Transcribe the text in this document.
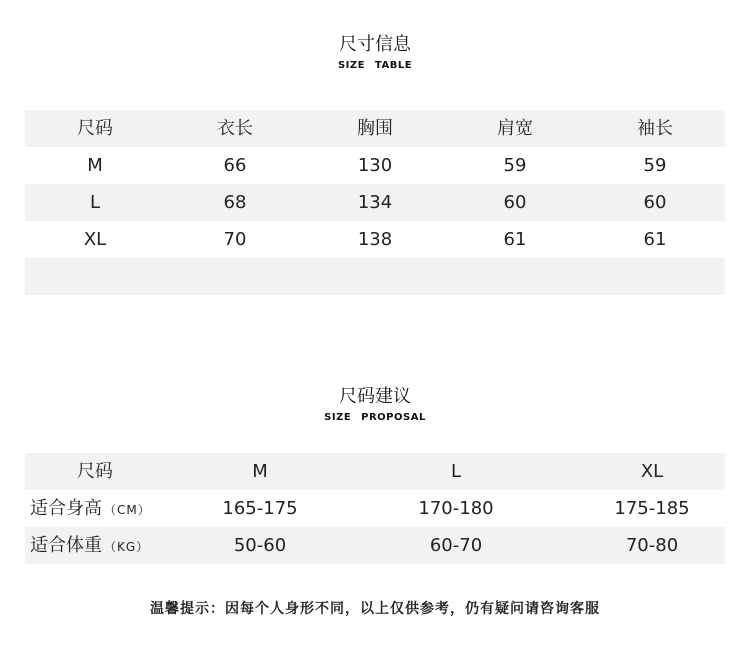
尺寸信息
SIZE TABLE
尺码	衣长	胸围	肩宽	袖长
M	66	130	59	59
L	68	134	60	60
XL	70	138	61	61
尺码建议
SIZE PROPOSAL
尺码	M	L	XL
适合身高 （CM）	165-175	170-180	175-185
适合体重 （KG）	50-60	60-70	70-80
温馨提示：因每个人身形不同，以上仅供参考，仍有疑问请咨询客服
